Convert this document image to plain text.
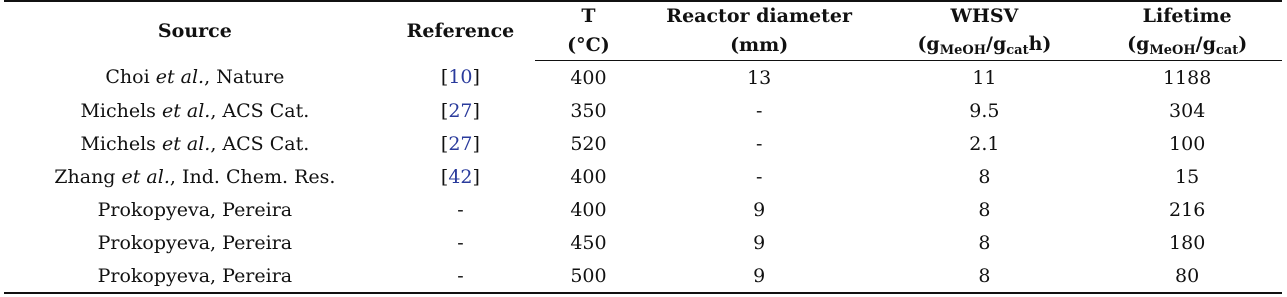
Source	Reference	T	Reactor diameter	WHSV	Lifetime
		(°C)	(mm)	$(g_{MeOH}/g_{cat}h)$	$(g_{MeOH}/g_{cat})$
Choi et al., Nature	[10]	400	13	11	1188
Michels et al., ACS Cat.	[27]	350	-	9.5	304
Michels et al., ACS Cat.	[27]	520	-	2.1	100
Zhang et al., Ind. Chem. Res.	[42]	400	-	8	15
Prokopyeva, Pereira	-	400	9	8	216
Prokopyeva, Pereira	-	450	9	8	180
Prokopyeva, Pereira	-	500	9	8	80
